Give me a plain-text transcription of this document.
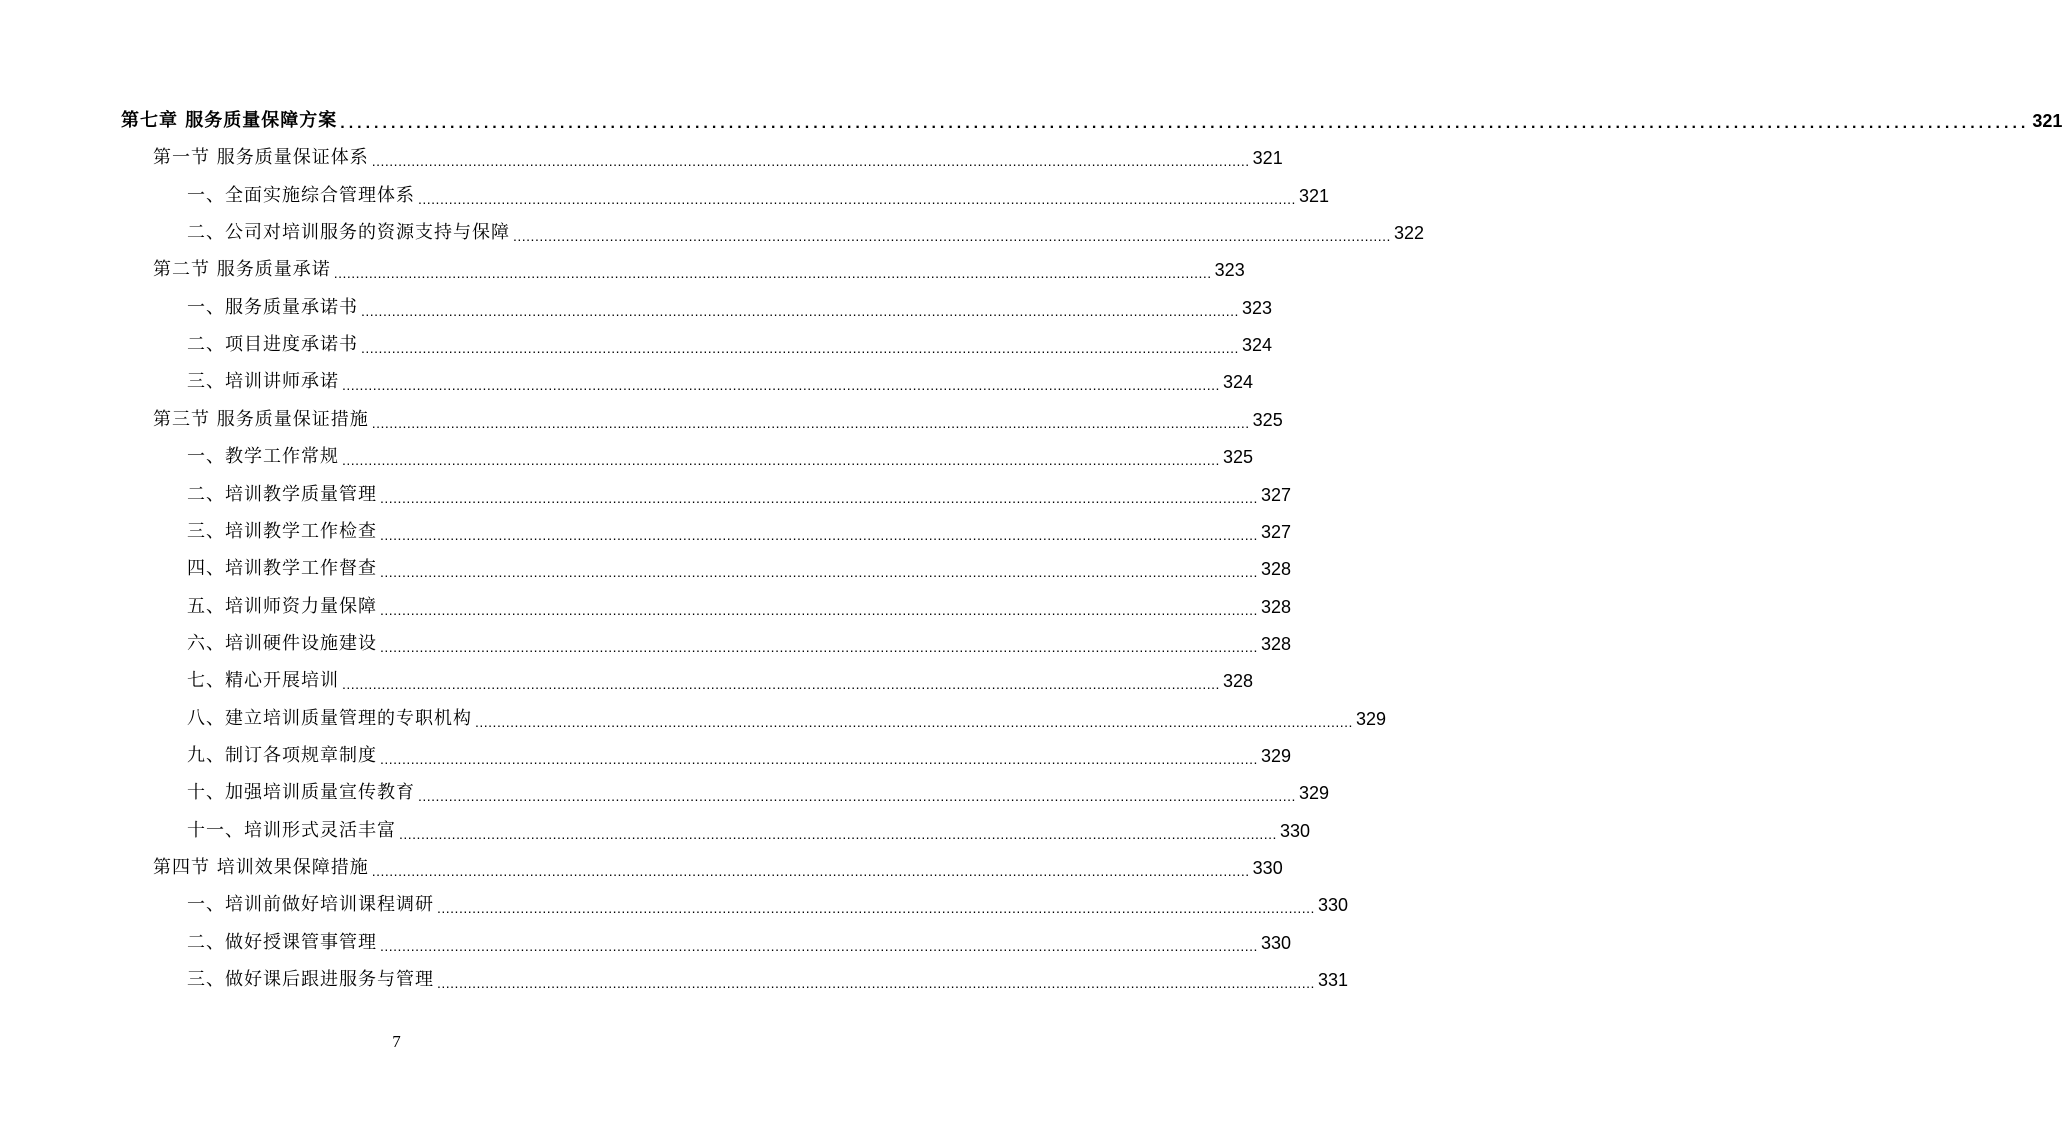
第七章 服务质量保障方案 ........................................................................................................................................................................................................ 321
第一节 服务质量保证体系 ........................................................................................................................................................................................................ 321
一、全面实施综合管理体系 ........................................................................................................................................................................................................ 321
二、公司对培训服务的资源支持与保障 ........................................................................................................................................................................................................ 322
第二节 服务质量承诺 ........................................................................................................................................................................................................ 323
一、服务质量承诺书 ........................................................................................................................................................................................................ 323
二、项目进度承诺书 ........................................................................................................................................................................................................ 324
三、培训讲师承诺 ........................................................................................................................................................................................................ 324
第三节 服务质量保证措施 ........................................................................................................................................................................................................ 325
一、教学工作常规 ........................................................................................................................................................................................................ 325
二、培训教学质量管理 ........................................................................................................................................................................................................ 327
三、培训教学工作检查 ........................................................................................................................................................................................................ 327
四、培训教学工作督查 ........................................................................................................................................................................................................ 328
五、培训师资力量保障 ........................................................................................................................................................................................................ 328
六、培训硬件设施建设 ........................................................................................................................................................................................................ 328
七、精心开展培训 ........................................................................................................................................................................................................ 328
八、建立培训质量管理的专职机构 ........................................................................................................................................................................................................ 329
九、制订各项规章制度 ........................................................................................................................................................................................................ 329
十、加强培训质量宣传教育 ........................................................................................................................................................................................................ 329
十一、培训形式灵活丰富 ........................................................................................................................................................................................................ 330
第四节 培训效果保障措施 ........................................................................................................................................................................................................ 330
一、培训前做好培训课程调研 ........................................................................................................................................................................................................ 330
二、做好授课管事管理 ........................................................................................................................................................................................................ 330
三、做好课后跟进服务与管理 ........................................................................................................................................................................................................ 331
7
